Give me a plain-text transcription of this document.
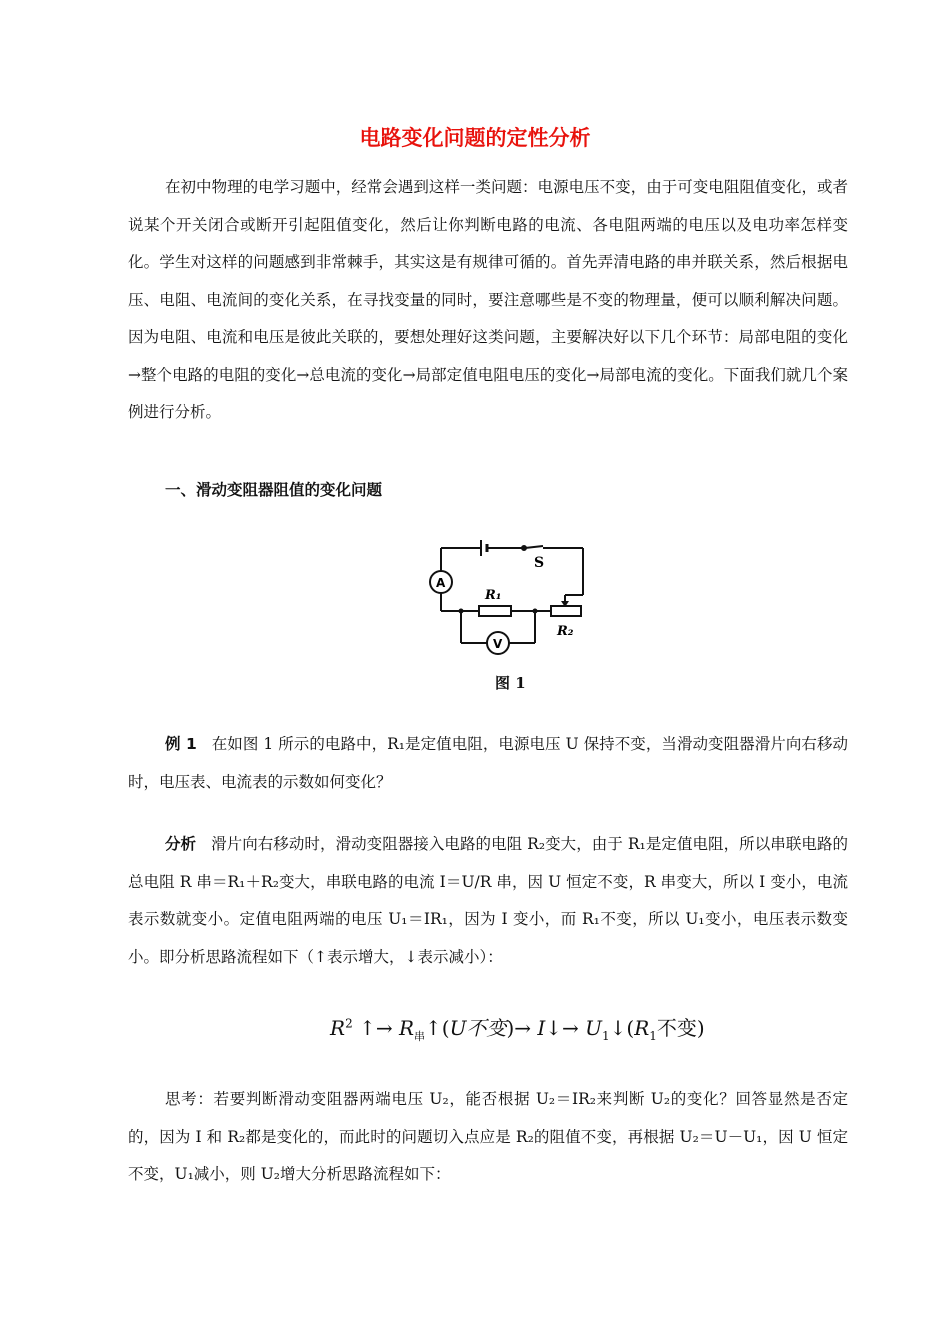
电路变化问题的定性分析
在初中物理的电学习题中，经常会遇到这样一类问题：电源电压不变，由于可变电阻阻值变化，或者说某个开关闭合或断开引起阻值变化，然后让你判断电路的电流、各电阻两端的电压以及电功率怎样变化。学生对这样的问题感到非常棘手，其实这是有规律可循的。首先弄清电路的串并联关系，然后根据电压、电阻、电流间的变化关系，在寻找变量的同时，要注意哪些是不变的物理量，便可以顺利解决问题。因为电阻、电流和电压是彼此关联的，要想处理好这类问题，主要解决好以下几个环节：局部电阻的变化→整个电路的电阻的变化→总电流的变化→局部定值电阻电压的变化→局部电流的变化。下面我们就几个案例进行分析。
一、滑动变阻器阻值的变化问题
S
A
V
R₁
R₂
图 1
例 1 在如图 1 所示的电路中，R₁是定值电阻，电源电压 U 保持不变，当滑动变阻器滑片向右移动时，电压表、电流表的示数如何变化？
分析 滑片向右移动时，滑动变阻器接入电路的电阻 R₂变大，由于 R₁是定值电阻，所以串联电路的总电阻 R 串＝R₁＋R₂变大，串联电路的电流 I＝U/R 串，因 U 恒定不变，R 串变大，所以 I 变小，电流表示数就变小。定值电阻两端的电压 U₁＝IR₁，因为 I 变小，而 R₁不变，所以 U₁变小，电压表示数变小。即分析思路流程如下（↑表示增大，↓表示减小）：
$R^2$ ↑→ $R_串↑(U$不变)→ I↓→ $U_1↓(R_1$不变)
思考：若要判断滑动变阻器两端电压 U₂，能否根据 U₂＝IR₂来判断 U₂的变化？回答显然是否定的，因为 I 和 R₂都是变化的，而此时的问题切入点应是 R₂的阻值不变，再根据 U₂＝U－U₁，因 U 恒定不变，U₁减小，则 U₂增大分析思路流程如下：
